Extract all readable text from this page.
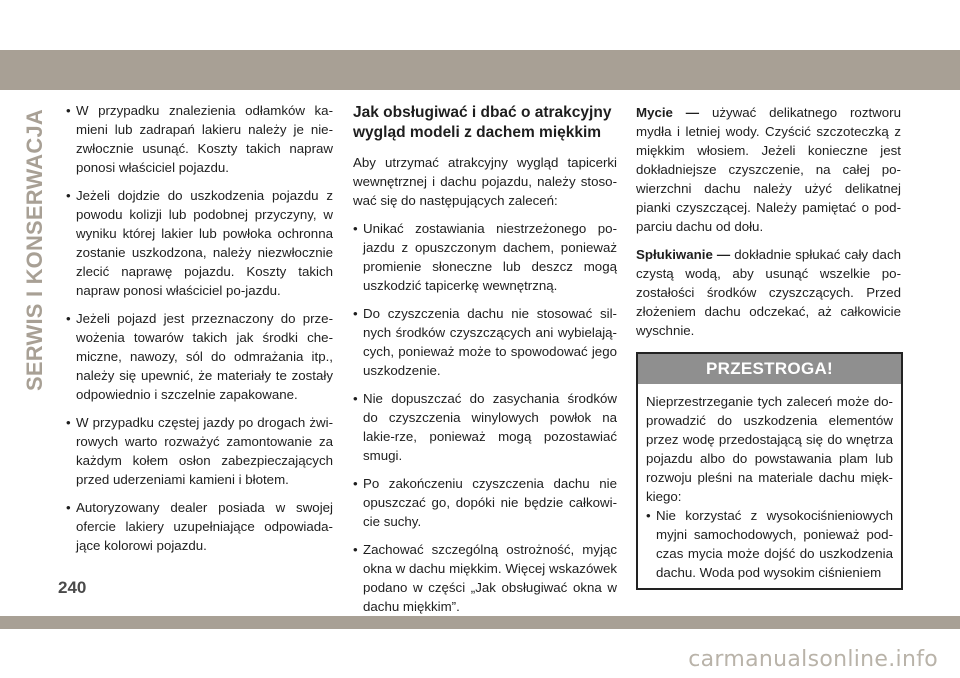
SERWIS I KONSERWACJA • W przypadku znalezienia odłamków ka- mieni lub zadrapań lakieru należy je nie-zwłocznie usunąć. Koszty takich napraw ponosi właściciel pojazdu.
• Jeżeli dojdzie do uszkodzenia pojazdu z powodu kolizji lub podobnej przyczyny, w wyniku której lakier lub powłoka ochronna zostanie uszkodzona, należy niezwłocznie zlecić naprawę pojazdu. Koszty takich napraw ponosi właściciel po-jazdu.
• Jeżeli pojazd jest przeznaczony do prze- wożenia towarów takich jak środki che-miczne, nawozy, sól do odmrażania itp., należy się upewnić, że materiały te zostały odpowiednio i szczelnie zapakowane.
• W przypadku częstej jazdy po drogach żwi- rowych warto rozważyć zamontowanie za każdym kołem osłon zabezpieczających przed uderzeniami kamieni i błotem.
• Autoryzowany dealer posiada w swojej ofercie lakiery uzupełniające odpowiada-jące kolorowi pojazdu.
Jak obsługiwać i dbać o atrakcyjny wygląd modeli z dachem miękkim
Aby utrzymać atrakcyjny wygląd tapicerki wewnętrznej i dachu pojazdu, należy stoso-wać się do następujących zaleceń:
• Unikać zostawiania niestrzeżonego po- jazdu z opuszczonym dachem, ponieważ promienie słoneczne lub deszcz mogą uszkodzić tapicerkę wewnętrzną.
• Do czyszczenia dachu nie stosować sil- nych środków czyszczących ani wybielają-cych, ponieważ może to spowodować jego uszkodzenie.
• Nie dopuszczać do zasychania środków do czyszczenia winylowych powłok na lakie-rze, ponieważ mogą pozostawiać smugi.
• Po zakończeniu czyszczenia dachu nie opuszczać go, dopóki nie będzie całkowi-cie suchy.
• Zachować szczególną ostrożność, myjąc okna w dachu miękkim. Więcej wskazówek podano w części „Jak obsługiwać okna w dachu miękkim”.
Mycie — używać delikatnego roztworu mydła i letniej wody. Czyścić szczoteczką z miękkim włosiem. Jeżeli konieczne jest dokładniejsze czyszczenie, na całej po-wierzchni dachu należy użyć delikatnej pianki czyszczącej. Należy pamiętać o pod-parciu dachu od dołu.
Spłukiwanie — dokładnie spłukać cały dach czystą wodą, aby usunąć wszelkie po-zostałości środków czyszczących. Przed złożeniem dachu odczekać, aż całkowicie wyschnie.
PRZESTROGA!
Nieprzestrzeganie tych zaleceń może do-prowadzić do uszkodzenia elementów przez wodę przedostającą się do wnętrza pojazdu albo do powstawania plam lub rozwoju pleśni na materiale dachu mięk-kiego:
• Nie korzystać z wysokociśnieniowych myjni samochodowych, ponieważ pod-czas mycia może dojść do uszkodzenia dachu. Woda pod wysokim ciśnieniem
240
carmanualsonline.info
